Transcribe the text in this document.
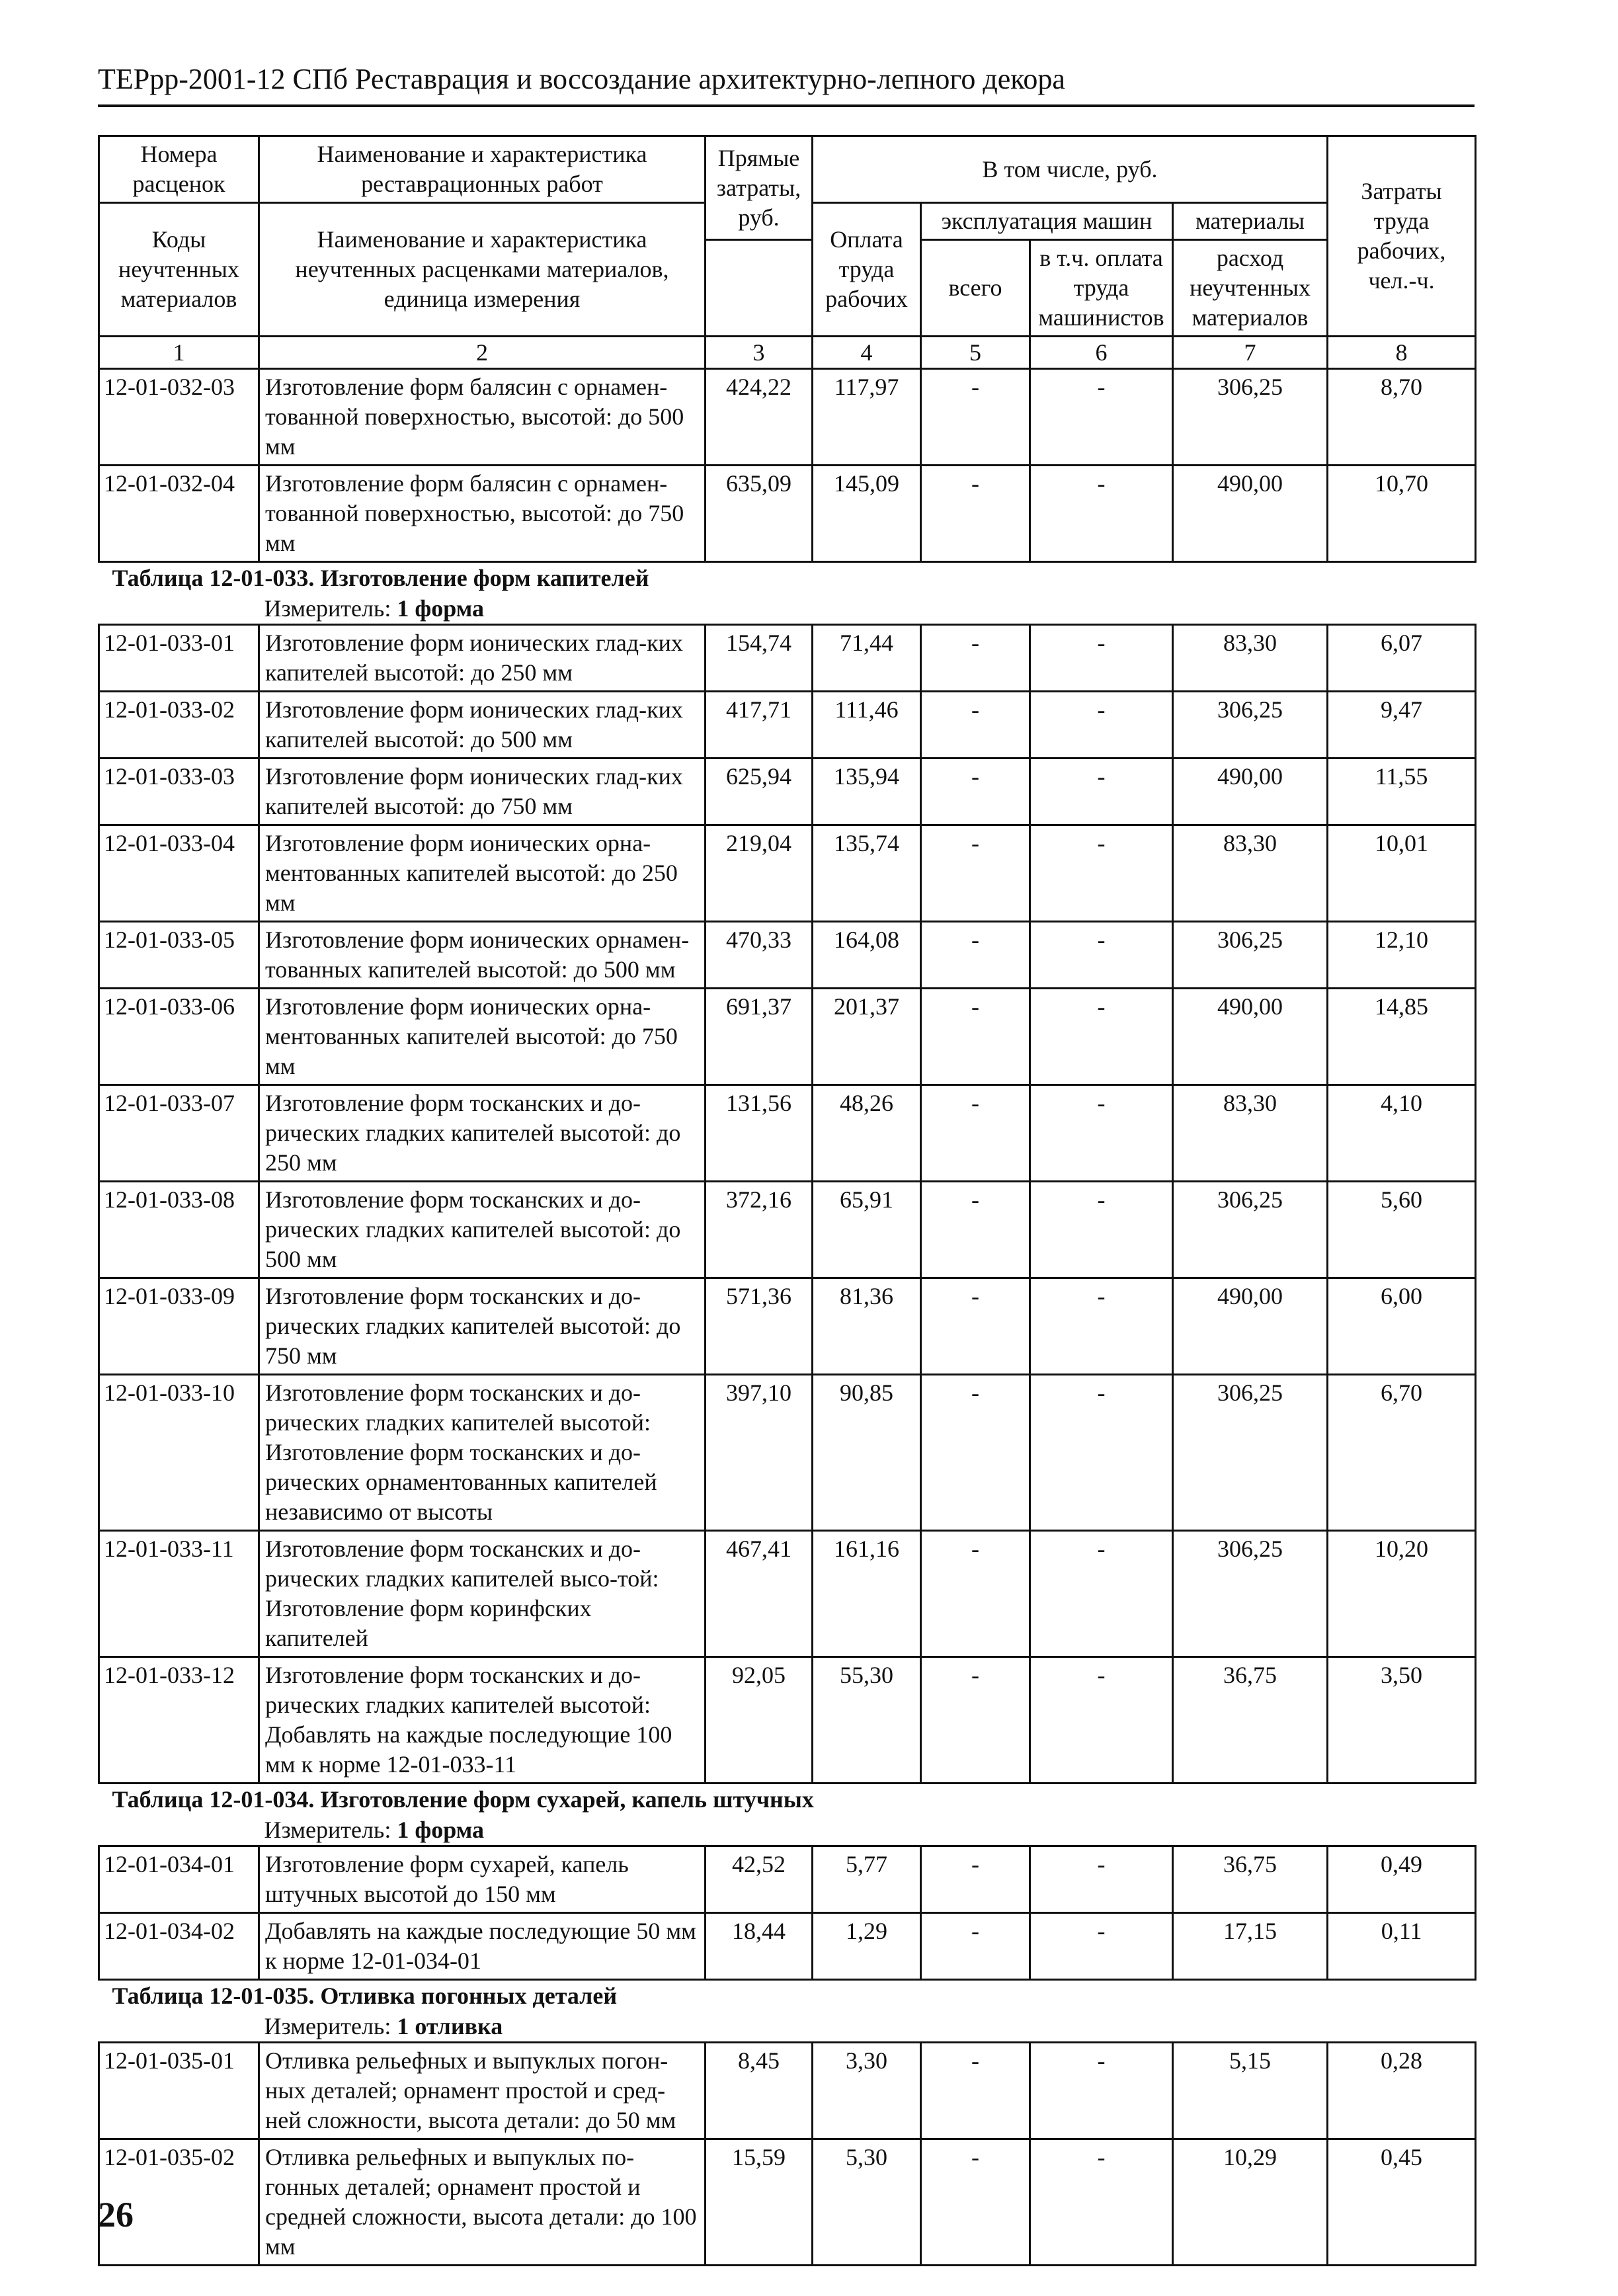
ТЕРрр-2001-12 СПб Реставрация и воссоздание архитектурно-лепного декора
Номера расценок	Наименование и характеристика реставрационных работ	Прямые затраты, руб.	В том числе, руб.				Затраты труда рабочих, чел.-ч.
Коды неучтенных материалов	Наименование и характеристика неучтенных расценками материалов, единица измерения		Оплата труда рабочих	эксплуатация машин		материалы	
				всего	в т.ч. оплата труда машинистов	расход неучтенных материалов	

1	2	3	4	5	6	7	8
12-01-032-03	Изготовление форм балясин с орнамен-тованной поверхностью, высотой: до 500 мм	424,22	117,97	-	-	306,25	8,70
12-01-032-04	Изготовление форм балясин с орнамен-тованной поверхностью, высотой: до 750 мм	635,09	145,09	-	-	490,00	10,70

Таблица 12-01-033. Изготовление форм капителей
Измеритель: 1 форма							

12-01-033-01	Изготовление форм ионических глад-ких капителей высотой: до 250 мм	154,74	71,44	-	-	83,30	6,07
12-01-033-02	Изготовление форм ионических глад-ких капителей высотой: до 500 мм	417,71	111,46	-	-	306,25	9,47
12-01-033-03	Изготовление форм ионических глад-ких капителей высотой: до 750 мм	625,94	135,94	-	-	490,00	11,55
12-01-033-04	Изготовление форм ионических орна-ментованных капителей высотой: до 250 мм	219,04	135,74	-	-	83,30	10,01
12-01-033-05	Изготовление форм ионических орнамен-тованных капителей высотой: до 500 мм	470,33	164,08	-	-	306,25	12,10
12-01-033-06	Изготовление форм ионических орна-ментованных капителей высотой: до 750 мм	691,37	201,37	-	-	490,00	14,85
12-01-033-07	Изготовление форм тосканских и до-рических гладких капителей высотой: до 250 мм	131,56	48,26	-	-	83,30	4,10
12-01-033-08	Изготовление форм тосканских и до-рических гладких капителей высотой: до 500 мм	372,16	65,91	-	-	306,25	5,60
12-01-033-09	Изготовление форм тосканских и до-рических гладких капителей высотой: до 750 мм	571,36	81,36	-	-	490,00	6,00
12-01-033-10	Изготовление форм тосканских и до-рических гладких капителей высотой: Изготовление форм тосканских и до-рических орнаментованных капителей независимо от высоты	397,10	90,85	-	-	306,25	6,70
12-01-033-11	Изготовление форм тосканских и до-рических гладких капителей высо-той: Изготовление форм коринфских капителей	467,41	161,16	-	-	306,25	10,20
12-01-033-12	Изготовление форм тосканских и до-рических гладких капителей высотой: Добавлять на каждые последующие 100 мм к норме 12-01-033-11	92,05	55,30	-	-	36,75	3,50

Таблица 12-01-034. Изготовление форм сухарей, капель штучных
Измеритель: 1 форма							

12-01-034-01	Изготовление форм сухарей, капель штучных высотой до 150 мм	42,52	5,77	-	-	36,75	0,49
12-01-034-02	Добавлять на каждые последующие 50 мм к норме 12-01-034-01	18,44	1,29	-	-	17,15	0,11

Таблица 12-01-035. Отливка погонных деталей
Измеритель: 1 отливка							

12-01-035-01	Отливка рельефных и выпуклых погон-ных деталей; орнамент простой и сред-ней сложности, высота детали: до 50 мм	8,45	3,30	-	-	5,15	0,28
12-01-035-02	Отливка рельефных и выпуклых по-гонных деталей; орнамент простой и средней сложности, высота детали: до 100 мм	15,59	5,30	-	-	10,29	0,45
26
